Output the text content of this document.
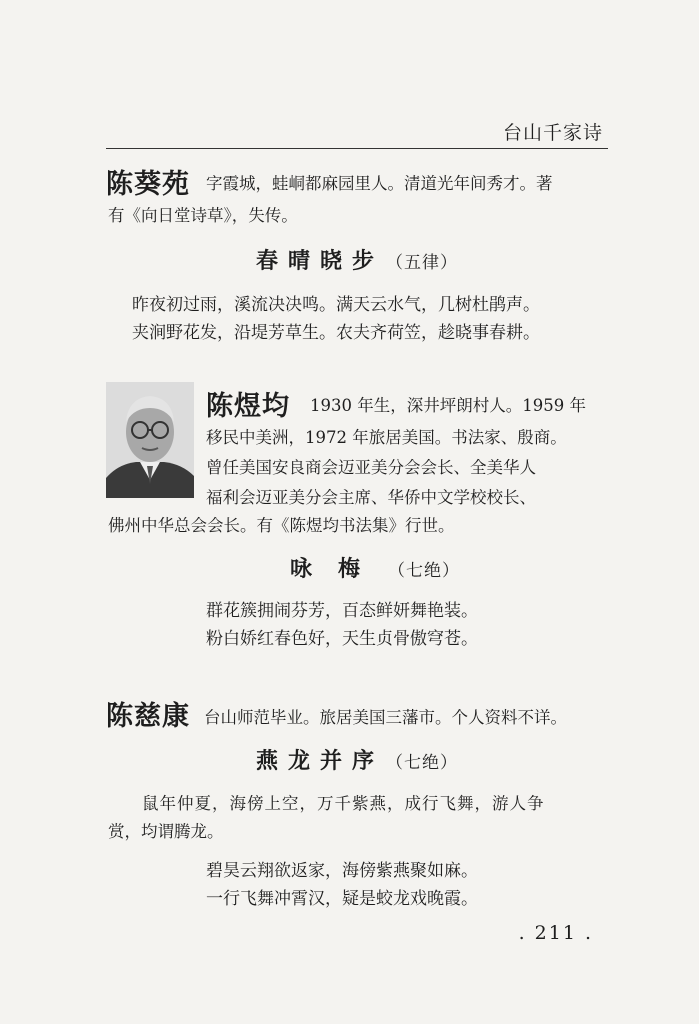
台山千家诗
陈葵苑 字霞城，蛙峒都麻园里人。清道光年间秀才。著
有《向日堂诗草》，失传。
春晴晓步 （五律）
昨夜初过雨，溪流决决鸣。满天云水气，几树杜鹃声。
夹涧野花发，沿堤芳草生。农夫齐荷笠，趁晓事春耕。
陈煜均 1930 年生，深井坪朗村人。1959 年
移民中美洲，1972 年旅居美国。书法家、殷商。
曾任美国安良商会迈亚美分会会长、全美华人
福利会迈亚美分会主席、华侨中文学校校长、
佛州中华总会会长。有《陈煜均书法集》行世。
咏梅 （七绝）
群花簇拥闹芬芳，百态鲜妍舞艳装。
粉白娇红春色好，天生贞骨傲穹苍。
陈慈康 台山师范毕业。旅居美国三藩市。个人资料不详。
燕龙并序 （七绝）
鼠年仲夏，海傍上空，万千紫燕，成行飞舞，游人争
赏，均谓腾龙。
碧昊云翔欲返家，海傍紫燕聚如麻。
一行飞舞冲霄汉，疑是蛟龙戏晚霞。
. 211 .
